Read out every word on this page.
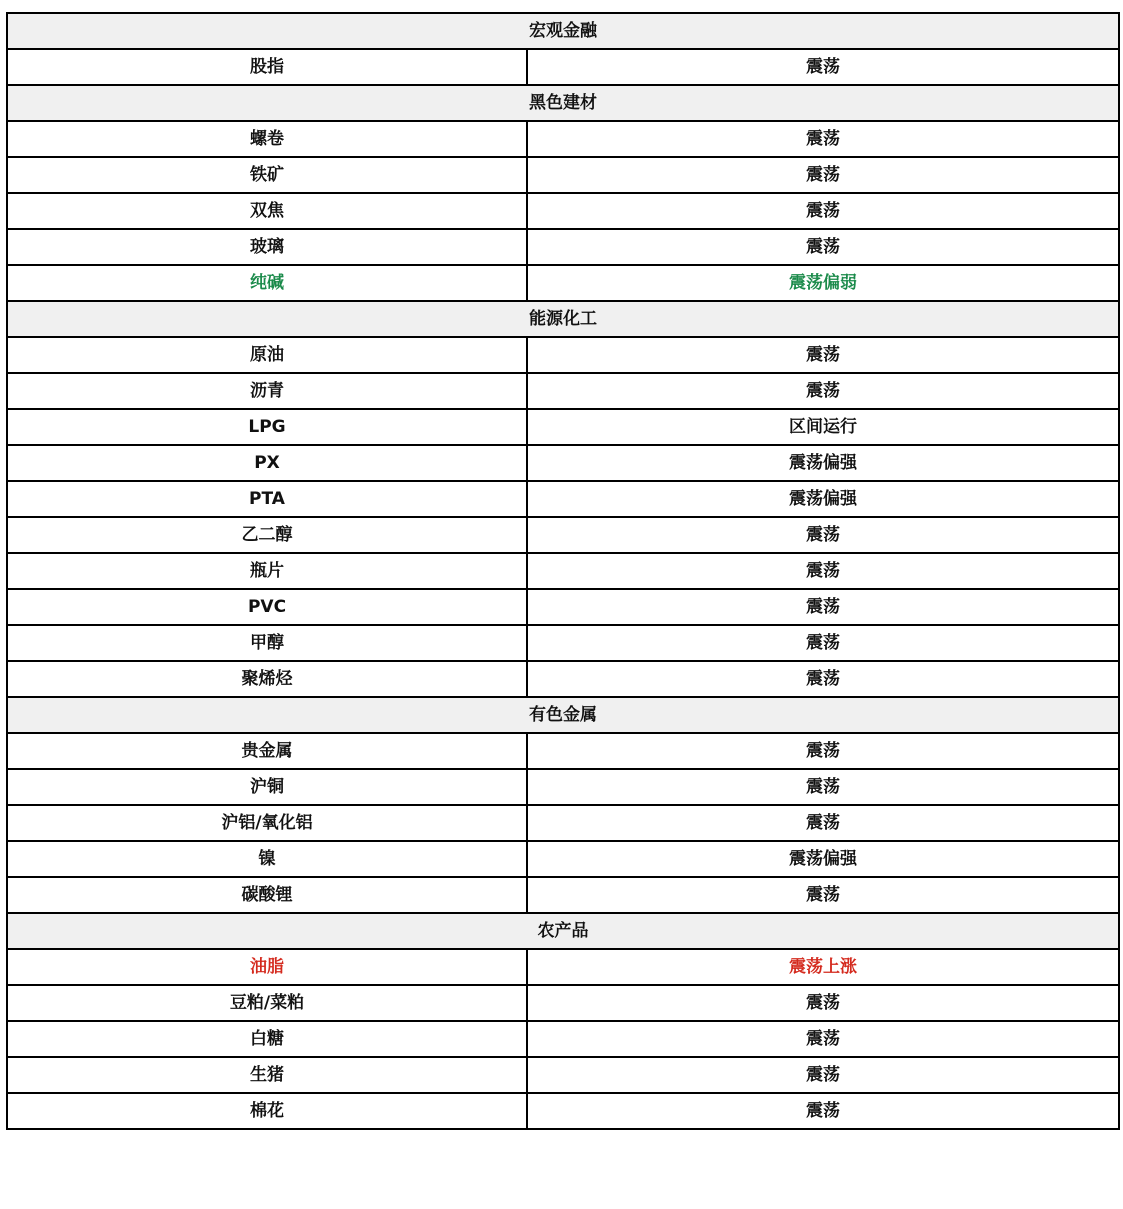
宏观金融	
股指	震荡
黑色建材	
螺卷	震荡
铁矿	震荡
双焦	震荡
玻璃	震荡
纯碱	震荡偏弱
能源化工	
原油	震荡
沥青	震荡
LPG	区间运行
PX	震荡偏强
PTA	震荡偏强
乙二醇	震荡
瓶片	震荡
PVC	震荡
甲醇	震荡
聚烯烃	震荡
有色金属	
贵金属	震荡
沪铜	震荡
沪铝/氧化铝	震荡
镍	震荡偏强
碳酸锂	震荡
农产品	
油脂	震荡上涨
豆粕/菜粕	震荡
白糖	震荡
生猪	震荡
棉花	震荡
